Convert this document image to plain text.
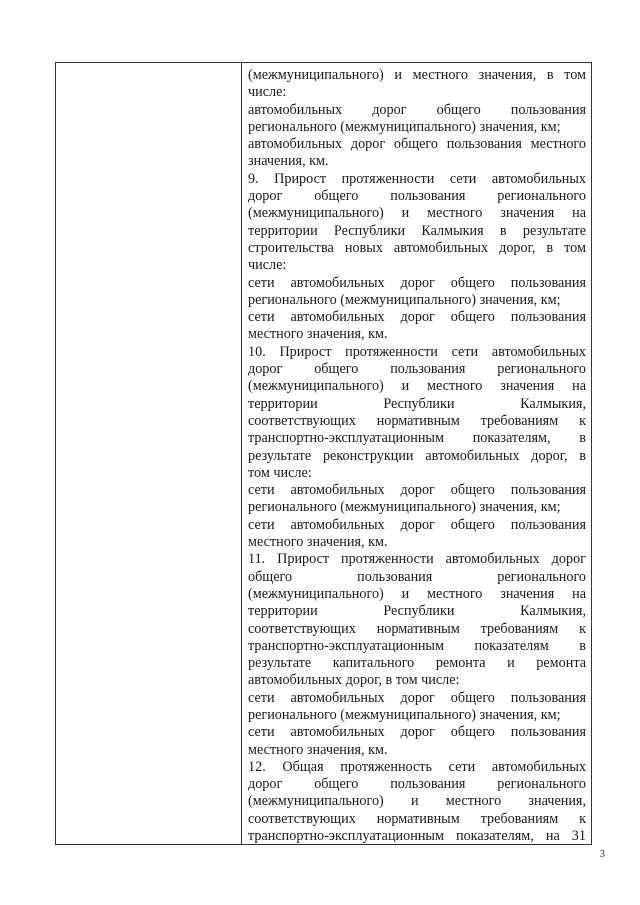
(межмуниципального) и местного значения, в том
числе:
автомобильных дорог общего пользования
регионального (межмуниципального) значения, км;
автомобильных дорог общего пользования местного
значения, км.
9. Прирост протяженности сети автомобильных
дорог общего пользования регионального
(межмуниципального) и местного значения на
территории Республики Калмыкия в результате
строительства новых автомобильных дорог, в том
числе:
сети автомобильных дорог общего пользования
регионального (межмуниципального) значения, км;
сети автомобильных дорог общего пользования
местного значения, км.
10. Прирост протяженности сети автомобильных
дорог общего пользования регионального
(межмуниципального) и местного значения на
территории Республики Калмыкия,
соответствующих нормативным требованиям к
транспортно-эксплуатационным показателям, в
результате реконструкции автомобильных дорог, в
том числе:
сети автомобильных дорог общего пользования
регионального (межмуниципального) значения, км;
сети автомобильных дорог общего пользования
местного значения, км.
11. Прирост протяженности автомобильных дорог
общего пользования регионального
(межмуниципального) и местного значения на
территории Республики Калмыкия,
соответствующих нормативным требованиям к
транспортно-эксплуатационным показателям в
результате капитального ремонта и ремонта
автомобильных дорог, в том числе:
сети автомобильных дорог общего пользования
регионального (межмуниципального) значения, км;
сети автомобильных дорог общего пользования
местного значения, км.
12. Общая протяженность сети автомобильных
дорог общего пользования регионального
(межмуниципального) и местного значения,
соответствующих нормативным требованиям к
транспортно-эксплуатационным показателям, на 31
3
